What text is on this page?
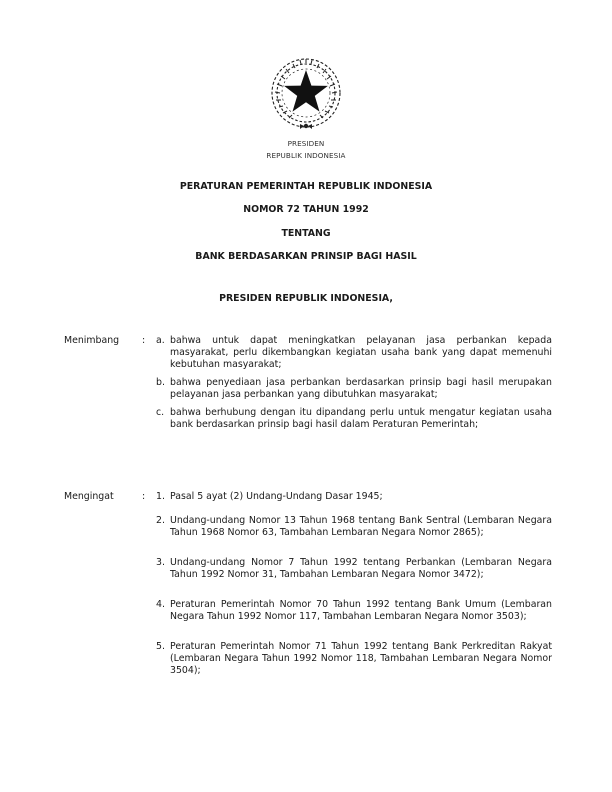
PRESIDEN
REPUBLIK INDONESIA
PERATURAN PEMERINTAH REPUBLIK INDONESIA
NOMOR 72 TAHUN 1992
TENTANG
BANK BERDASARKAN PRINSIP BAGI HASIL
PRESIDEN REPUBLIK INDONESIA,
Menimbang : a. bahwa untuk dapat meningkatkan pelayanan jasa perbankan kepada masyarakat, perlu dikembangkan kegiatan usaha bank yang dapat memenuhi kebutuhan masyarakat;
b. bahwa penyediaan jasa perbankan berdasarkan prinsip bagi hasil merupakan pelayanan jasa perbankan yang dibutuhkan masyarakat;
c. bahwa berhubung dengan itu dipandang perlu untuk mengatur kegiatan usaha bank berdasarkan prinsip bagi hasil dalam Peraturan Pemerintah;
Mengingat	: 1. Pasal 5 ayat (2) Undang-Undang Dasar 1945;
2. Undang-undang Nomor 13 Tahun 1968 tentang Bank Sentral (Lembaran Negara Tahun 1968 Nomor 63, Tambahan Lembaran Negara Nomor 2865);
3. Undang-undang Nomor 7 Tahun 1992 tentang Perbankan (Lembaran Negara Tahun 1992 Nomor 31, Tambahan Lembaran Negara Nomor 3472);
4. Peraturan Pemerintah Nomor 70 Tahun 1992 tentang Bank Umum (Lembaran Negara Tahun 1992 Nomor 117, Tambahan Lembaran Negara Nomor 3503);
5. Peraturan Pemerintah Nomor 71 Tahun 1992 tentang Bank Perkreditan Rakyat (Lembaran Negara Tahun 1992 Nomor 118, Tambahan Lembaran Negara Nomor 3504);
